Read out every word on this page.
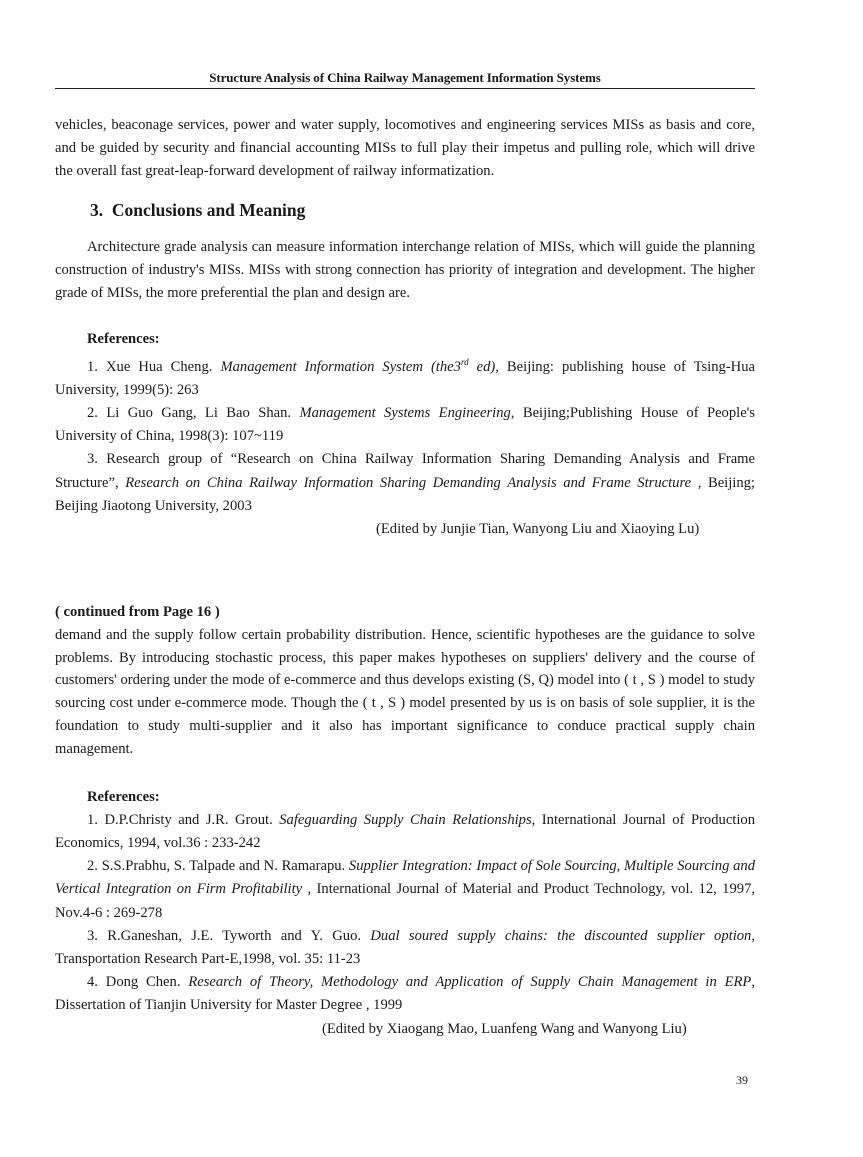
Structure Analysis of China Railway Management Information Systems

vehicles, beaconage services, power and water supply, locomotives and engineering services MISs as basis and core, and be guided by security and financial accounting MISs to full play their impetus and pulling role, which will drive the overall fast great-leap-forward development of railway informatization.

3. Conclusions and Meaning

Architecture grade analysis can measure information interchange relation of MISs, which will guide the planning construction of industry's MISs. MISs with strong connection has priority of integration and development. The higher grade of MISs, the more preferential the plan and design are.

References:

1. Xue Hua Cheng. Management Information System (the3rd ed), Beijing: publishing house of Tsing-Hua University, 1999(5): 263

2. Li Guo Gang, Li Bao Shan. Management Systems Engineering, Beijing;Publishing House of People's University of China, 1998(3): 107~119

3. Research group of “Research on China Railway Information Sharing Demanding Analysis and Frame Structure”, Research on China Railway Information Sharing Demanding Analysis and Frame Structure , Beijing; Beijing Jiaotong University, 2003

(Edited by Junjie Tian, Wanyong Liu and Xiaoying Lu)
( continued from Page 16 )

demand and the supply follow certain probability distribution. Hence, scientific hypotheses are the guidance to solve problems. By introducing stochastic process, this paper makes hypotheses on suppliers' delivery and the course of customers' ordering under the mode of e-commerce and thus develops existing (S, Q) model into ( t , S ) model to study sourcing cost under e-commerce mode. Though the ( t , S ) model presented by us is on basis of sole supplier, it is the foundation to study multi-supplier and it also has important significance to conduce practical supply chain management.

References:

1. D.P.Christy and J.R. Grout. Safeguarding Supply Chain Relationships, International Journal of Production Economics, 1994, vol.36 : 233-242

2. S.S.Prabhu, S. Talpade and N. Ramarapu. Supplier Integration: Impact of Sole Sourcing, Multiple Sourcing and Vertical Integration on Firm Profitability , International Journal of Material and Product Technology, vol. 12, 1997, Nov.4-6 : 269-278

3. R.Ganeshan, J.E. Tyworth and Y. Guo. Dual soured supply chains: the discounted supplier option, Transportation Research Part-E,1998, vol. 35: 11-23

4. Dong Chen. Research of Theory, Methodology and Application of Supply Chain Management in ERP, Dissertation of Tianjin University for Master Degree , 1999

(Edited by Xiaogang Mao, Luanfeng Wang and Wanyong Liu)
39
